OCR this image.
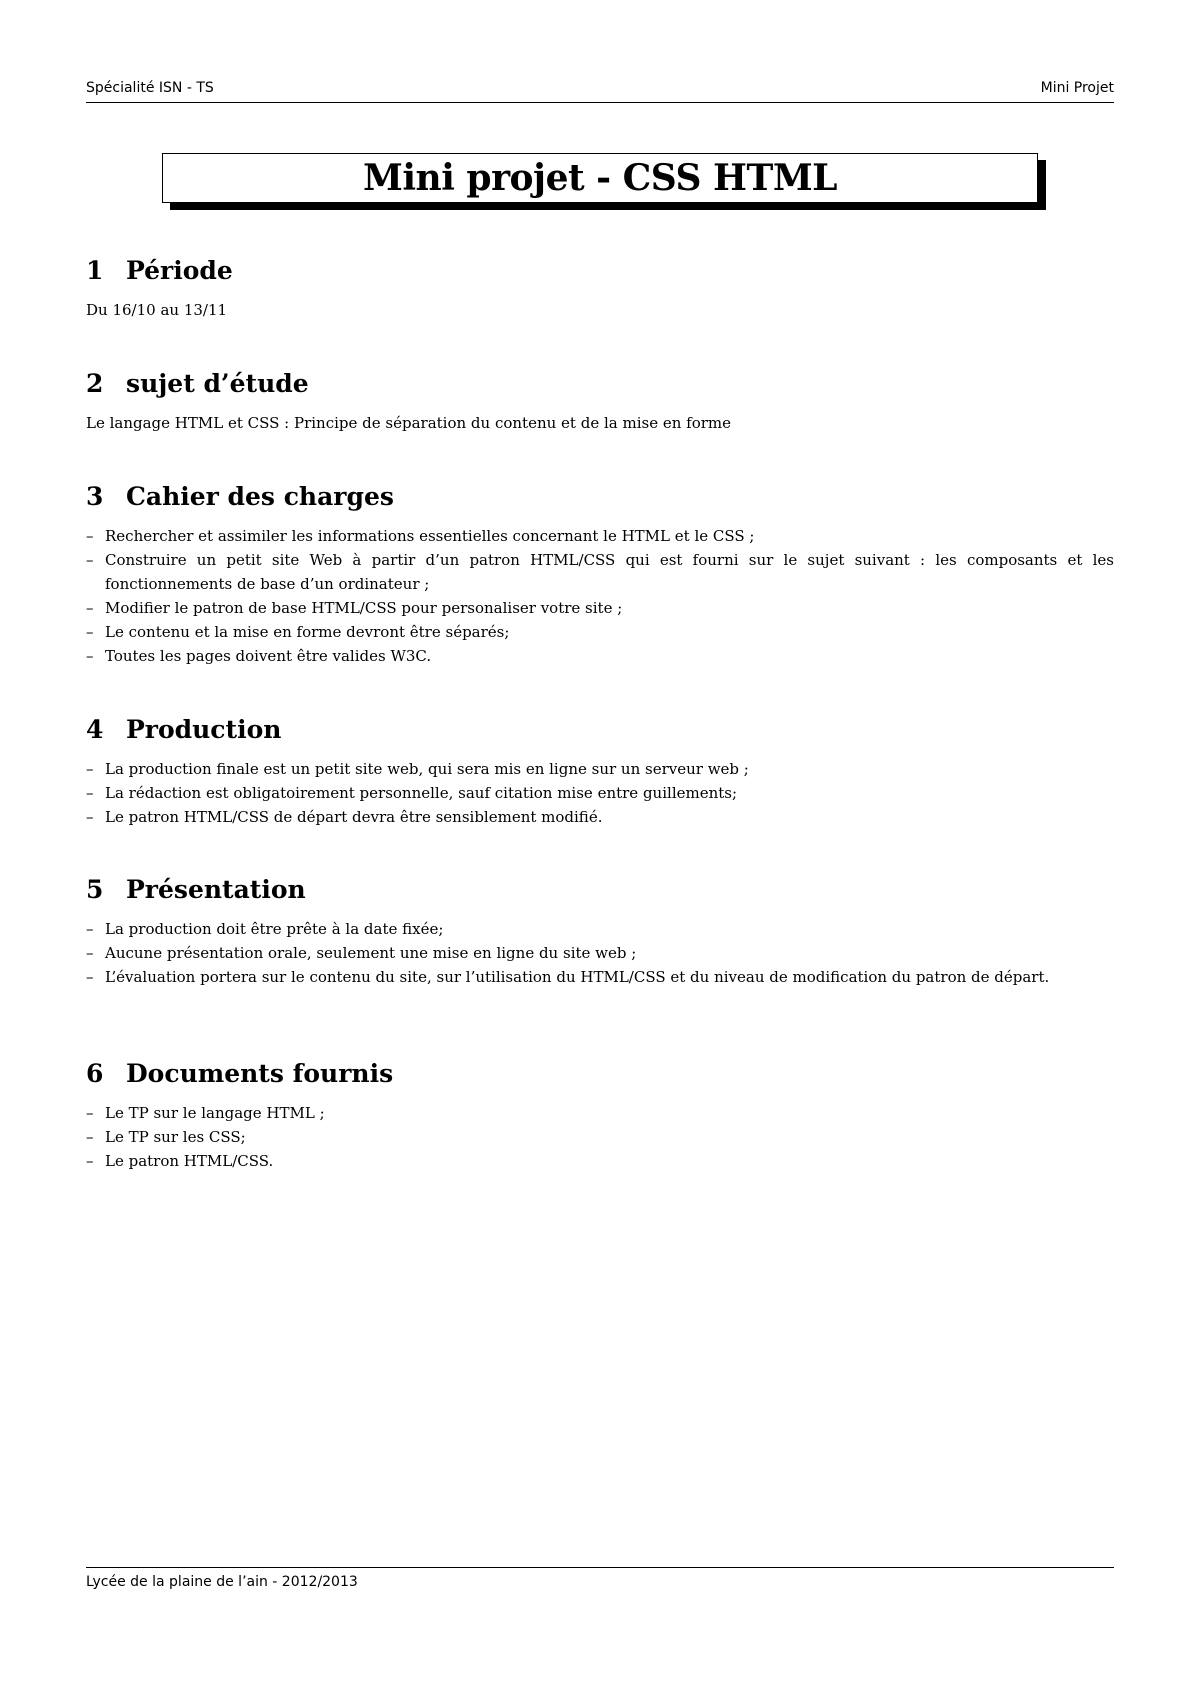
Spécialité ISN - TS	Mini Projet
Mini projet - CSS HTML
1 Période

Du 16/10 au 13/11

2 sujet d’étude

Le langage HTML et CSS : Principe de séparation du contenu et de la mise en forme

3 Cahier des charges
– Rechercher et assimiler les informations essentielles concernant le HTML et le CSS ;
– Construire un petit site Web à partir d’un patron HTML/CSS qui est fourni sur le sujet suivant : les composants et les fonctionnements de base d’un ordinateur ;
– Modifier le patron de base HTML/CSS pour personaliser votre site ;
– Le contenu et la mise en forme devront être séparés;
– Toutes les pages doivent être valides W3C.
4 Production
– La production finale est un petit site web, qui sera mis en ligne sur un serveur web ;
– La rédaction est obligatoirement personnelle, sauf citation mise entre guillements;
– Le patron HTML/CSS de départ devra être sensiblement modifié.
5 Présentation
– La production doit être prête à la date fixée;
– Aucune présentation orale, seulement une mise en ligne du site web ;
– L’évaluation portera sur le contenu du site, sur l’utilisation du HTML/CSS et du niveau de modification du patron de départ.
6 Documents fournis
– Le TP sur le langage HTML ;
– Le TP sur les CSS;
– Le patron HTML/CSS.
Lycée de la plaine de l’ain - 2012/2013
